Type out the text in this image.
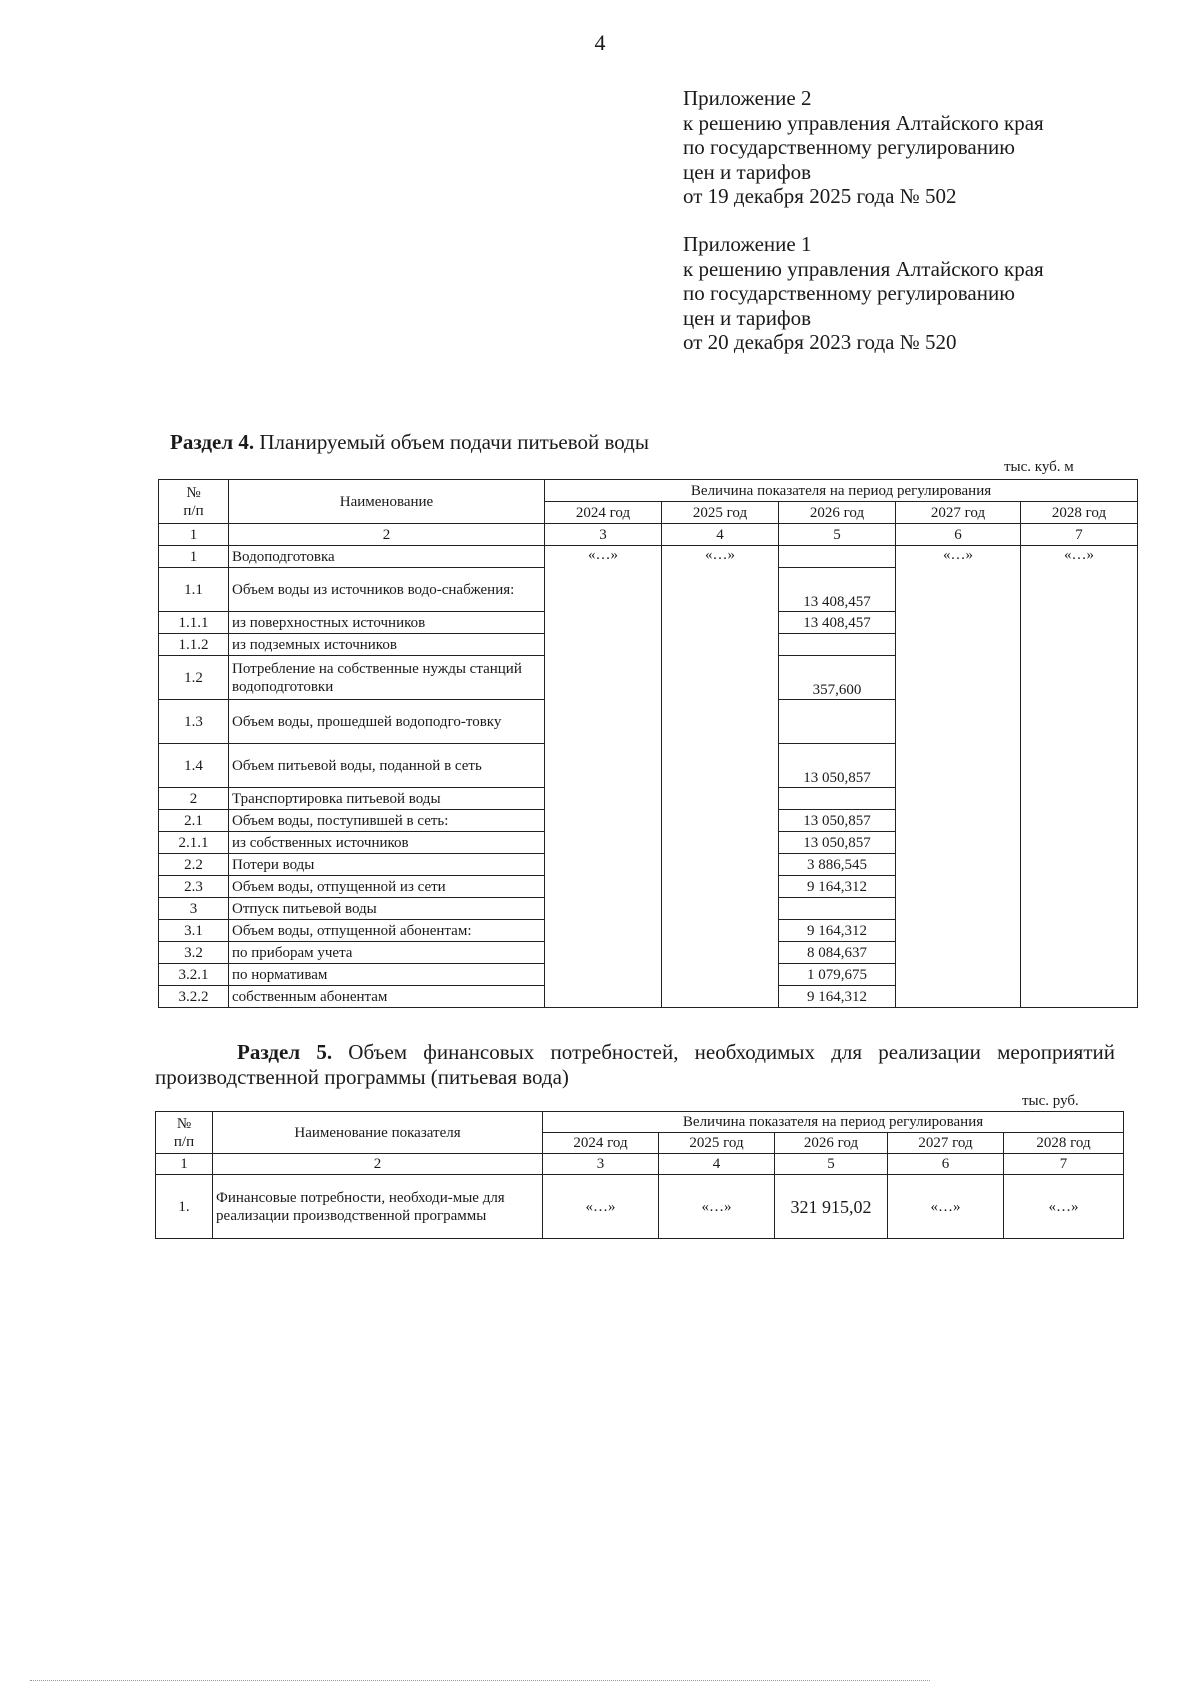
4
Приложение 2
к решению управления Алтайского края
по государственному регулированию
цен и тарифов
от 19 декабря 2025 года № 502
Приложение 1
к решению управления Алтайского края
по государственному регулированию
цен и тарифов
от 20 декабря 2023 года № 520
Раздел 4. Планируемый объем подачи питьевой воды
тыс. куб. м
№
п/п	Наименование	Величина показателя на период регулирования				
		2024 год	2025 год	2026 год	2027 год	2028 год
1	2	3	4	5	6	7
1	Водоподготовка	«…»	«…»		«…»	«…»
1.1	Объем воды из источников водо-снабжения:			13 408,457		
1.1.1	из поверхностных источников			13 408,457		
1.1.2	из подземных источников					
1.2	Потребление на собственные нужды станций водоподготовки			357,600		
1.3	Объем воды, прошедшей водоподго-товку					
1.4	Объем питьевой воды, поданной в сеть			13 050,857		
2	Транспортировка питьевой воды					
2.1	Объем воды, поступившей в сеть:			13 050,857		
2.1.1	из собственных источников			13 050,857		
2.2	Потери воды			3 886,545		
2.3	Объем воды, отпущенной из сети			9 164,312		
3	Отпуск питьевой воды					
3.1	Объем воды, отпущенной абонентам:			9 164,312		
3.2	по приборам учета			8 084,637		
3.2.1	по нормативам			1 079,675		
3.2.2	собственным абонентам			9 164,312		
Раздел 5. Объем финансовых потребностей, необходимых для реализации мероприятий производственной программы (питьевая вода)
тыс. руб.
№
п/п	Наименование показателя	Величина показателя на период регулирования				
		2024 год	2025 год	2026 год	2027 год	2028 год
1	2	3	4	5	6	7
1.	Финансовые потребности, необходи-мые для реализации производственной программы	«…»	«…»	321 915,02	«…»	«…»
